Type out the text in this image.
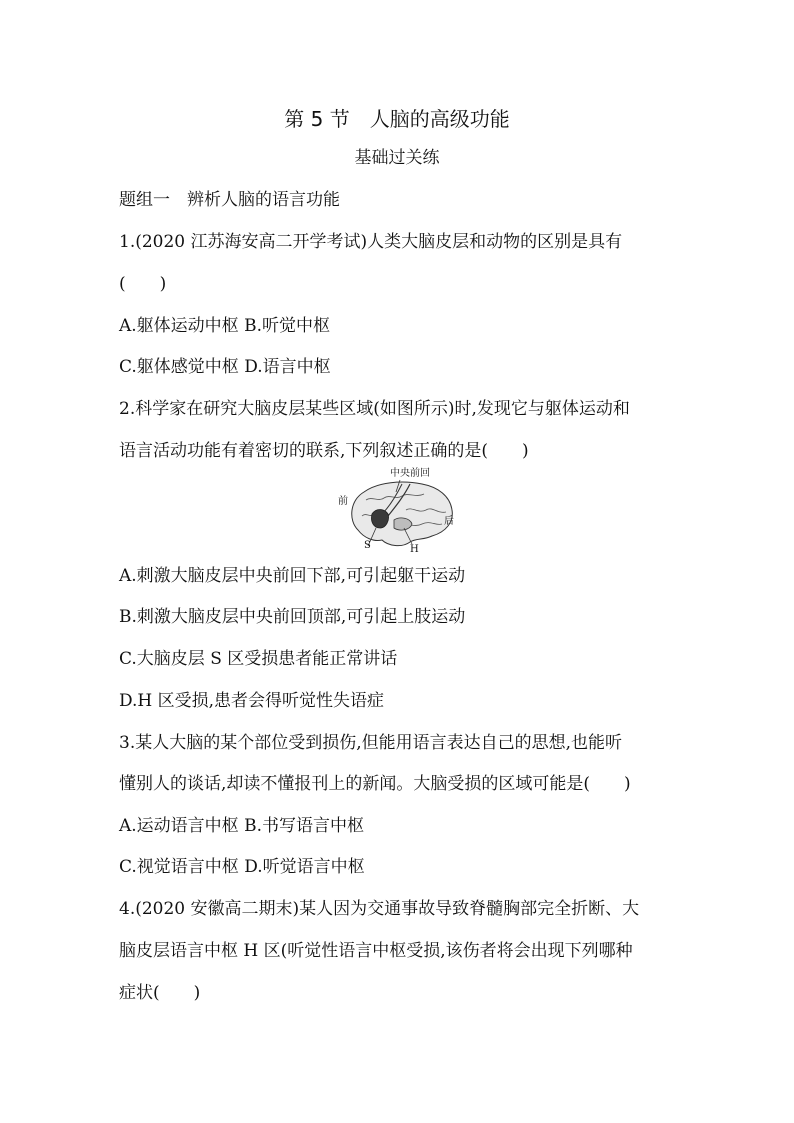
第 5 节　人脑的高级功能
基础过关练
题组一　辨析人脑的语言功能
1.(2020 江苏海安高二开学考试)人类大脑皮层和动物的区别是具有
(　　)
A.躯体运动中枢 B.听觉中枢
C.躯体感觉中枢 D.语言中枢
2.科学家在研究大脑皮层某些区域(如图所示)时,发现它与躯体运动和
语言活动功能有着密切的联系,下列叙述正确的是(　　)
中央前回
前
后
S	H
A.刺激大脑皮层中央前回下部,可引起躯干运动
B.刺激大脑皮层中央前回顶部,可引起上肢运动
C.大脑皮层 S 区受损患者能正常讲话
D.H 区受损,患者会得听觉性失语症
3.某人大脑的某个部位受到损伤,但能用语言表达自己的思想,也能听
懂别人的谈话,却读不懂报刊上的新闻。大脑受损的区域可能是(　　)
A.运动语言中枢 B.书写语言中枢
C.视觉语言中枢 D.听觉语言中枢
4.(2020 安徽高二期末)某人因为交通事故导致脊髓胸部完全折断、大
脑皮层语言中枢 H 区(听觉性语言中枢受损,该伤者将会出现下列哪种
症状(　　)
